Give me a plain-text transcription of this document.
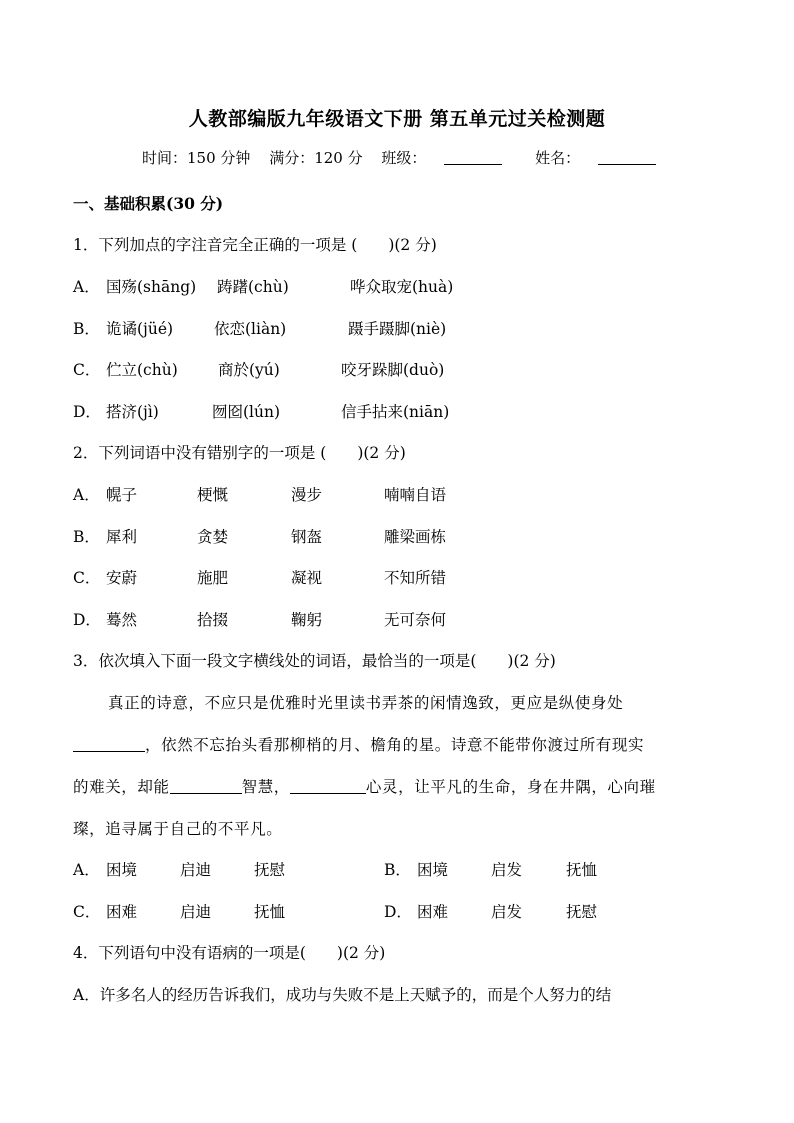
人教部编版九年级语文下册 第五单元过关检测题
时间：150 分钟 满分：120 分 班级：	姓名：
一、基础积累(30 分)
1．下列加点的字注音完全正确的一项是 (　　)(2 分)
A． 国殇(shāng) 踌躇(chù)	哗众取宠(huà)
B． 诡谲(jüé)	依恋(liàn)	蹑手蹑脚(niè)
C． 伫立(chù)	商於(yú)	咬牙跺脚(duò)
D． 搭济(jì)	囫囵(lún)	信手拈来(niān)
2．下列词语中没有错别字的一项是 (　　)(2 分)
A． 幌子	梗慨	漫步	喃喃自语
B． 犀利	贪婪	钢盔	雕梁画栋
C． 安蔚	施肥	凝视	不知所错
D． 蓦然	拾掇	鞠躬	无可奈何
3．依次填入下面一段文字横线处的词语，最恰当的一项是(　　)(2 分)
真正的诗意，不应只是优雅时光里读书弄茶的闲情逸致，更应是纵使身处
，依然不忘抬头看那柳梢的月、檐角的星。诗意不能带你渡过所有现实
的难关，却能	智慧，	心灵，让平凡的生命，身在井隅，心向璀
璨，追寻属于自己的不平凡。
A． 困境	启迪	抚慰	B． 困境	启发	抚恤
C． 困难	启迪	抚恤	D． 困难	启发	抚慰
4．下列语句中没有语病的一项是(　　)(2 分)
A．许多名人的经历告诉我们，成功与失败不是上天赋予的，而是个人努力的结
